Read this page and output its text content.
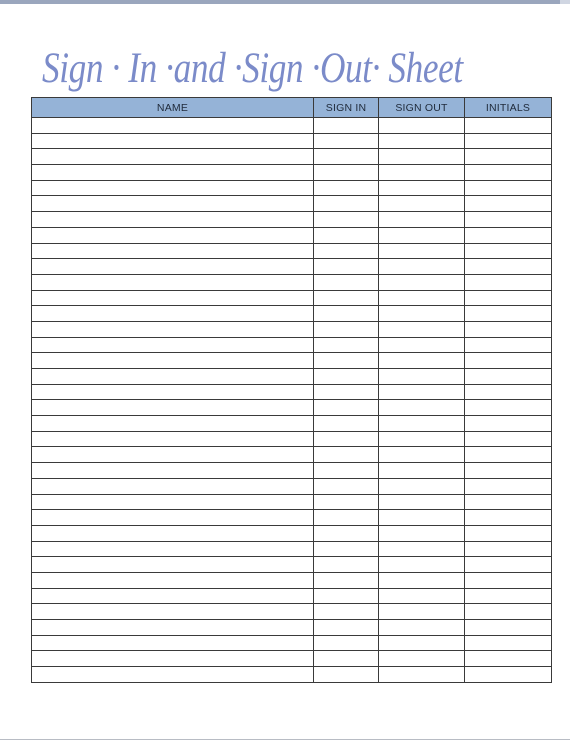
Sign · In ·and ·Sign ·Out· Sheet
NAME	SIGN IN	SIGN OUT	INITIALS
